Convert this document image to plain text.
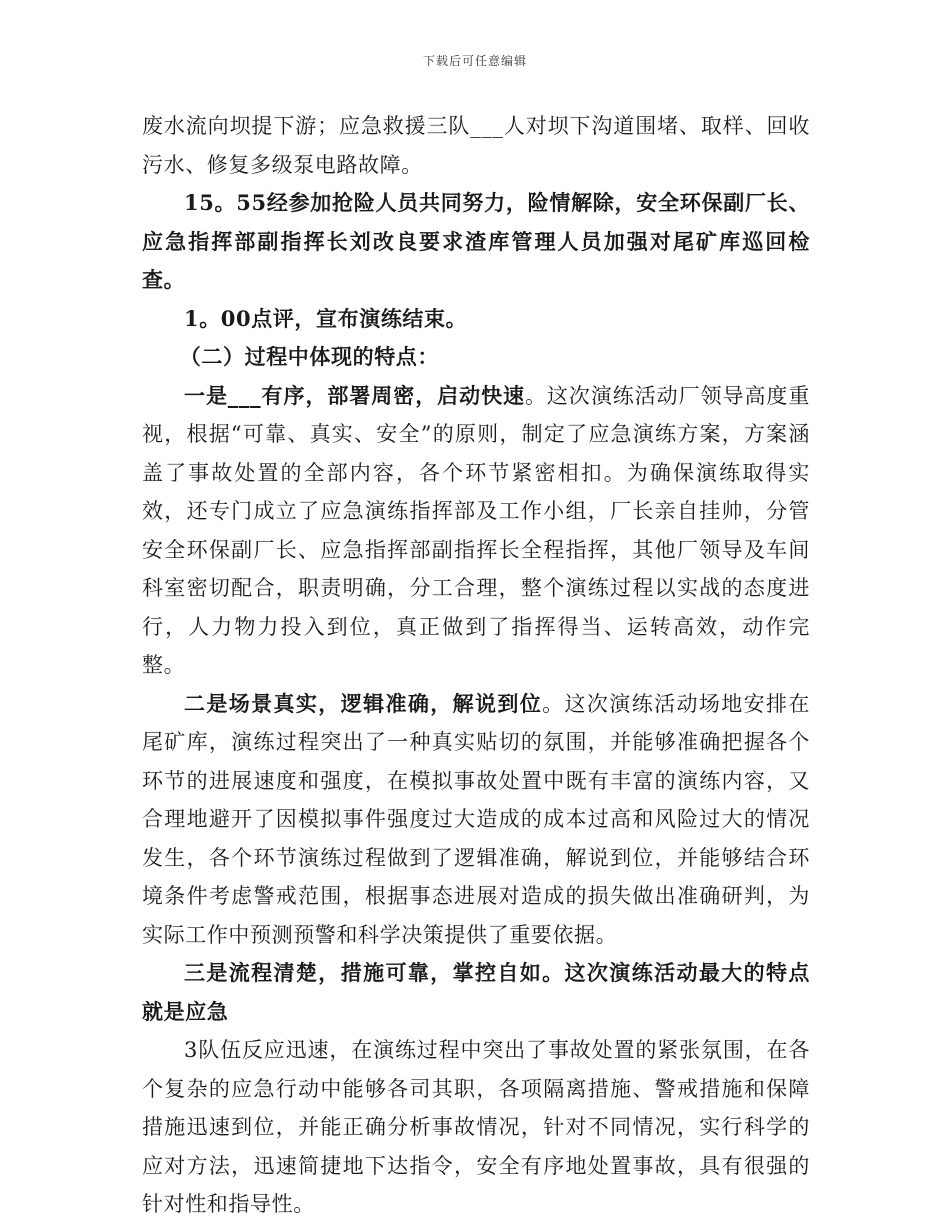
下载后可任意编辑

废水流向坝提下游；应急救援三队___人对坝下沟道围堵、取样、回收污水、修复多级泵电路故障。

15。55经参加抢险人员共同努力，险情解除，安全环保副厂长、应急指挥部副指挥长刘改良要求渣库管理人员加强对尾矿库巡回检查。

1。00点评，宣布演练结束。

（二）过程中体现的特点：

一是___有序，部署周密，启动快速。这次演练活动厂领导高度重视，根据“可靠、真实、安全”的原则，制定了应急演练方案，方案涵盖了事故处置的全部内容，各个环节紧密相扣。为确保演练取得实效，还专门成立了应急演练指挥部及工作小组，厂长亲自挂帅，分管安全环保副厂长、应急指挥部副指挥长全程指挥，其他厂领导及车间科室密切配合，职责明确，分工合理，整个演练过程以实战的态度进行，人力物力投入到位，真正做到了指挥得当、运转高效，动作完整。

二是场景真实，逻辑准确，解说到位。这次演练活动场地安排在尾矿库，演练过程突出了一种真实贴切的氛围，并能够准确把握各个环节的进展速度和强度，在模拟事故处置中既有丰富的演练内容，又合理地避开了因模拟事件强度过大造成的成本过高和风险过大的情况发生，各个环节演练过程做到了逻辑准确，解说到位，并能够结合环境条件考虑警戒范围，根据事态进展对造成的损失做出准确研判，为实际工作中预测预警和科学决策提供了重要依据。

三是流程清楚，措施可靠，掌控自如。这次演练活动最大的特点就是应急

3队伍反应迅速，在演练过程中突出了事故处置的紧张氛围，在各个复杂的应急行动中能够各司其职，各项隔离措施、警戒措施和保障措施迅速到位，并能正确分析事故情况，针对不同情况，实行科学的应对方法，迅速简捷地下达指令，安全有序地处置事故，具有很强的针对性和指导性。
